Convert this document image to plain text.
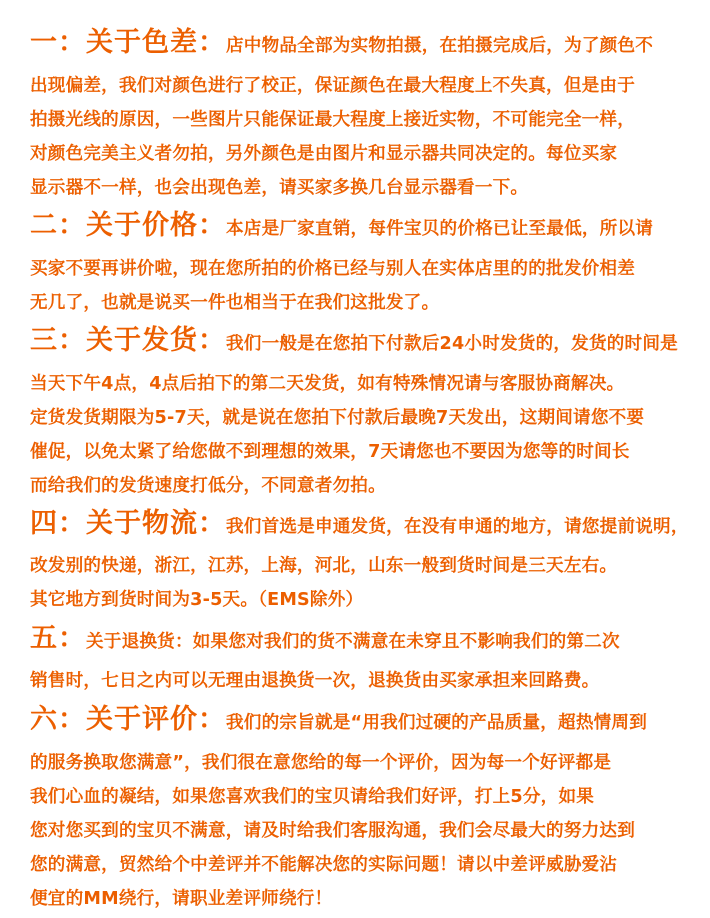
一：关于色差：店中物品全部为实物拍摄，在拍摄完成后，为了颜色不
出现偏差，我们对颜色进行了校正，保证颜色在最大程度上不失真，但是由于
拍摄光线的原因，一些图片只能保证最大程度上接近实物，不可能完全一样，
对颜色完美主义者勿拍，另外颜色是由图片和显示器共同决定的。每位买家
显示器不一样，也会出现色差，请买家多换几台显示器看一下。
二：关于价格：本店是厂家直销，每件宝贝的价格已让至最低，所以请
买家不要再讲价啦，现在您所拍的价格已经与别人在实体店里的的批发价相差
无几了，也就是说买一件也相当于在我们这批发了。
三：关于发货：我们一般是在您拍下付款后24小时发货的，发货的时间是
当天下午4点，4点后拍下的第二天发货，如有特殊情况请与客服协商解决。
定货发货期限为5-7天，就是说在您拍下付款后最晚7天发出，这期间请您不要
催促，以免太紧了给您做不到理想的效果，7天请您也不要因为您等的时间长
而给我们的发货速度打低分，不同意者勿拍。
四：关于物流：我们首选是申通发货，在没有申通的地方，请您提前说明，
改发别的快递，浙江，江苏，上海，河北，山东一般到货时间是三天左右。
其它地方到货时间为3-5天。（EMS除外）
五：关于退换货：如果您对我们的货不满意在未穿且不影响我们的第二次
销售时，七日之内可以无理由退换货一次，退换货由买家承担来回路费。
六：关于评价：我们的宗旨就是“用我们过硬的产品质量，超热情周到
的服务换取您满意”，我们很在意您给的每一个评价，因为每一个好评都是
我们心血的凝结，如果您喜欢我们的宝贝请给我们好评，打上5分，如果
您对您买到的宝贝不满意，请及时给我们客服沟通，我们会尽最大的努力达到
您的满意，贸然给个中差评并不能解决您的实际问题！请以中差评威胁爱沾
便宜的MM绕行，请职业差评师绕行！
